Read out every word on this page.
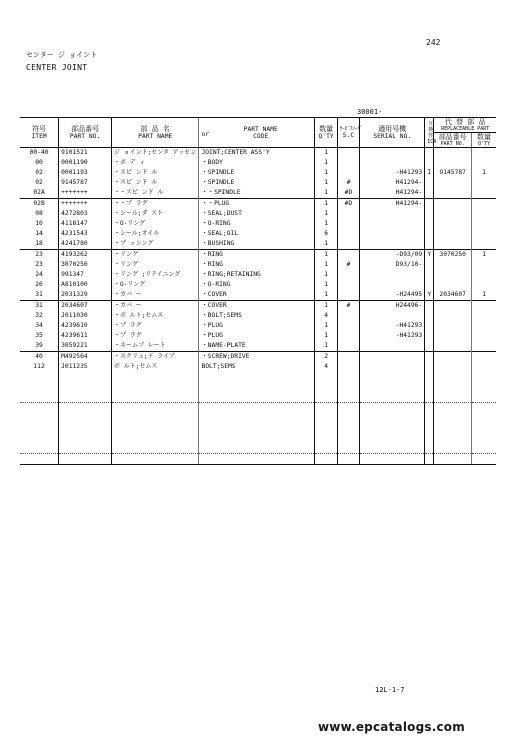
242
センター ジ ョイント
CENTER JOINT
30001-
符号
ITEM	部品番号
PART NO.	部 品 名
PART NAME	or
PART NAME
CODE	数量
Q'TY	ｻｰﾋﾞｽｺｰﾄﾞ
S.C	適用号機
SERIAL NO.	互換性
ICA	代 替 部 品
REPLACEABLE PART	

								部品番号
PART NO.	数量
Q'TY

00-40	9101521	ジ ョイント;センタ アッセン	JOINT;CENTER ASS'Y	1					
00	0001190	・ボ デ ィ	・BODY	1					
02	0001193	・スピ ンド ル	・SPINDLE	1		-H41293	I	9145787	1
02	9145787	・スピ ンド ル	・SPINDLE	1	#	H41294-			
02A	+++++++	・・スピ ンド ル	・・SPINDLE	1	#D	H41294-			
02B	+++++++	・・プ ラグ	・・PLUG	1	#D	H41294-			
08	4272803	・シール;ダ スト	・SEAL;DUST	1					
10	4118147	・O-リング	・O-RING	1					
14	4231543	・シール;オイル	・SEAL;OIL	6					
18	4241780	・ブ ッシング	・BUSHING	1					
23	4193262	・リング	・RING	1		-D93/09	Y	3070250	1
23	3070250	・リング	・RING	1	#	D93/10-			
24	991347	・リング ;リテイニング	・RING;RETAINING	1					
26	A810100	・O-リング	・O-RING	1					
31	2031329	・カバ ー	・COVER	1		-H24495	Y	2034607	1
31	2034607	・カバ ー	・COVER	1	#	H24496-			
32	J011030	・ボ ルト;セムス	・BOLT;SEMS	4					
34	4239610	・プ ラグ	・PLUG	1		-H41293			
35	4239611	・プ ラグ	・PLUG	1		-H41293			
39	3059221	・ネームプ レート	・NAME-PLATE	1					
40	M492564	・スクリュ;ド ライブ	・SCREW;DRIVE	2					
112	J011235	ボ ルト;セムス	BOLT;SEMS	4					

12L-1-7
www.epcatalogs.com
